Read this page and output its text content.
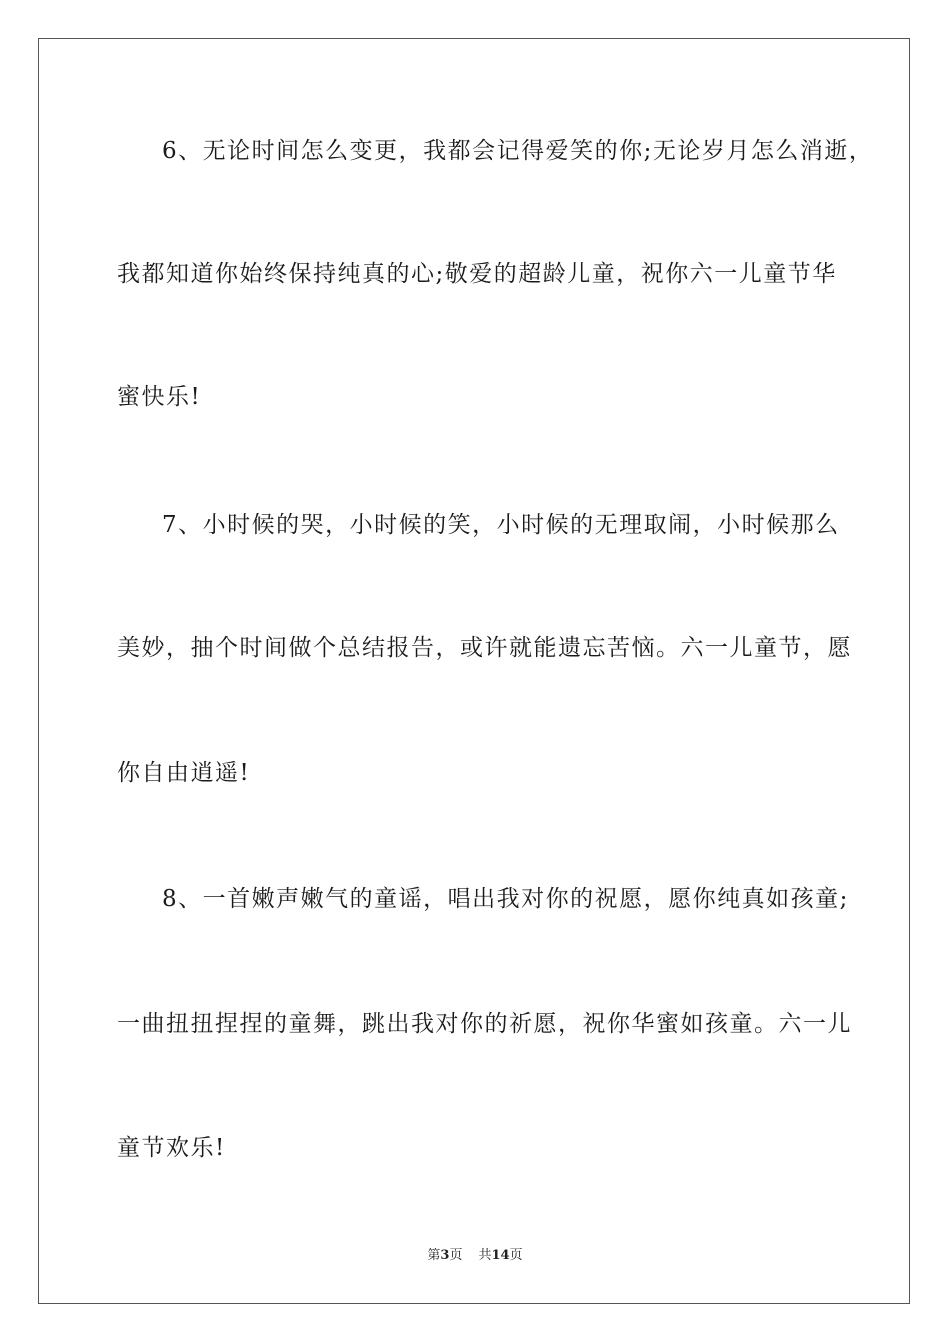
6、无论时间怎么变更，我都会记得爱笑的你;无论岁月怎么消逝，
我都知道你始终保持纯真的心;敬爱的超龄儿童，祝你六一儿童节华
蜜快乐!
7、小时候的哭，小时候的笑，小时候的无理取闹，小时候那么
美妙，抽个时间做个总结报告，或许就能遗忘苦恼。六一儿童节，愿
你自由逍遥!
8、一首嫩声嫩气的童谣，唱出我对你的祝愿，愿你纯真如孩童;
一曲扭扭捏捏的童舞，跳出我对你的祈愿，祝你华蜜如孩童。六一儿
童节欢乐!
第3页 共14页
